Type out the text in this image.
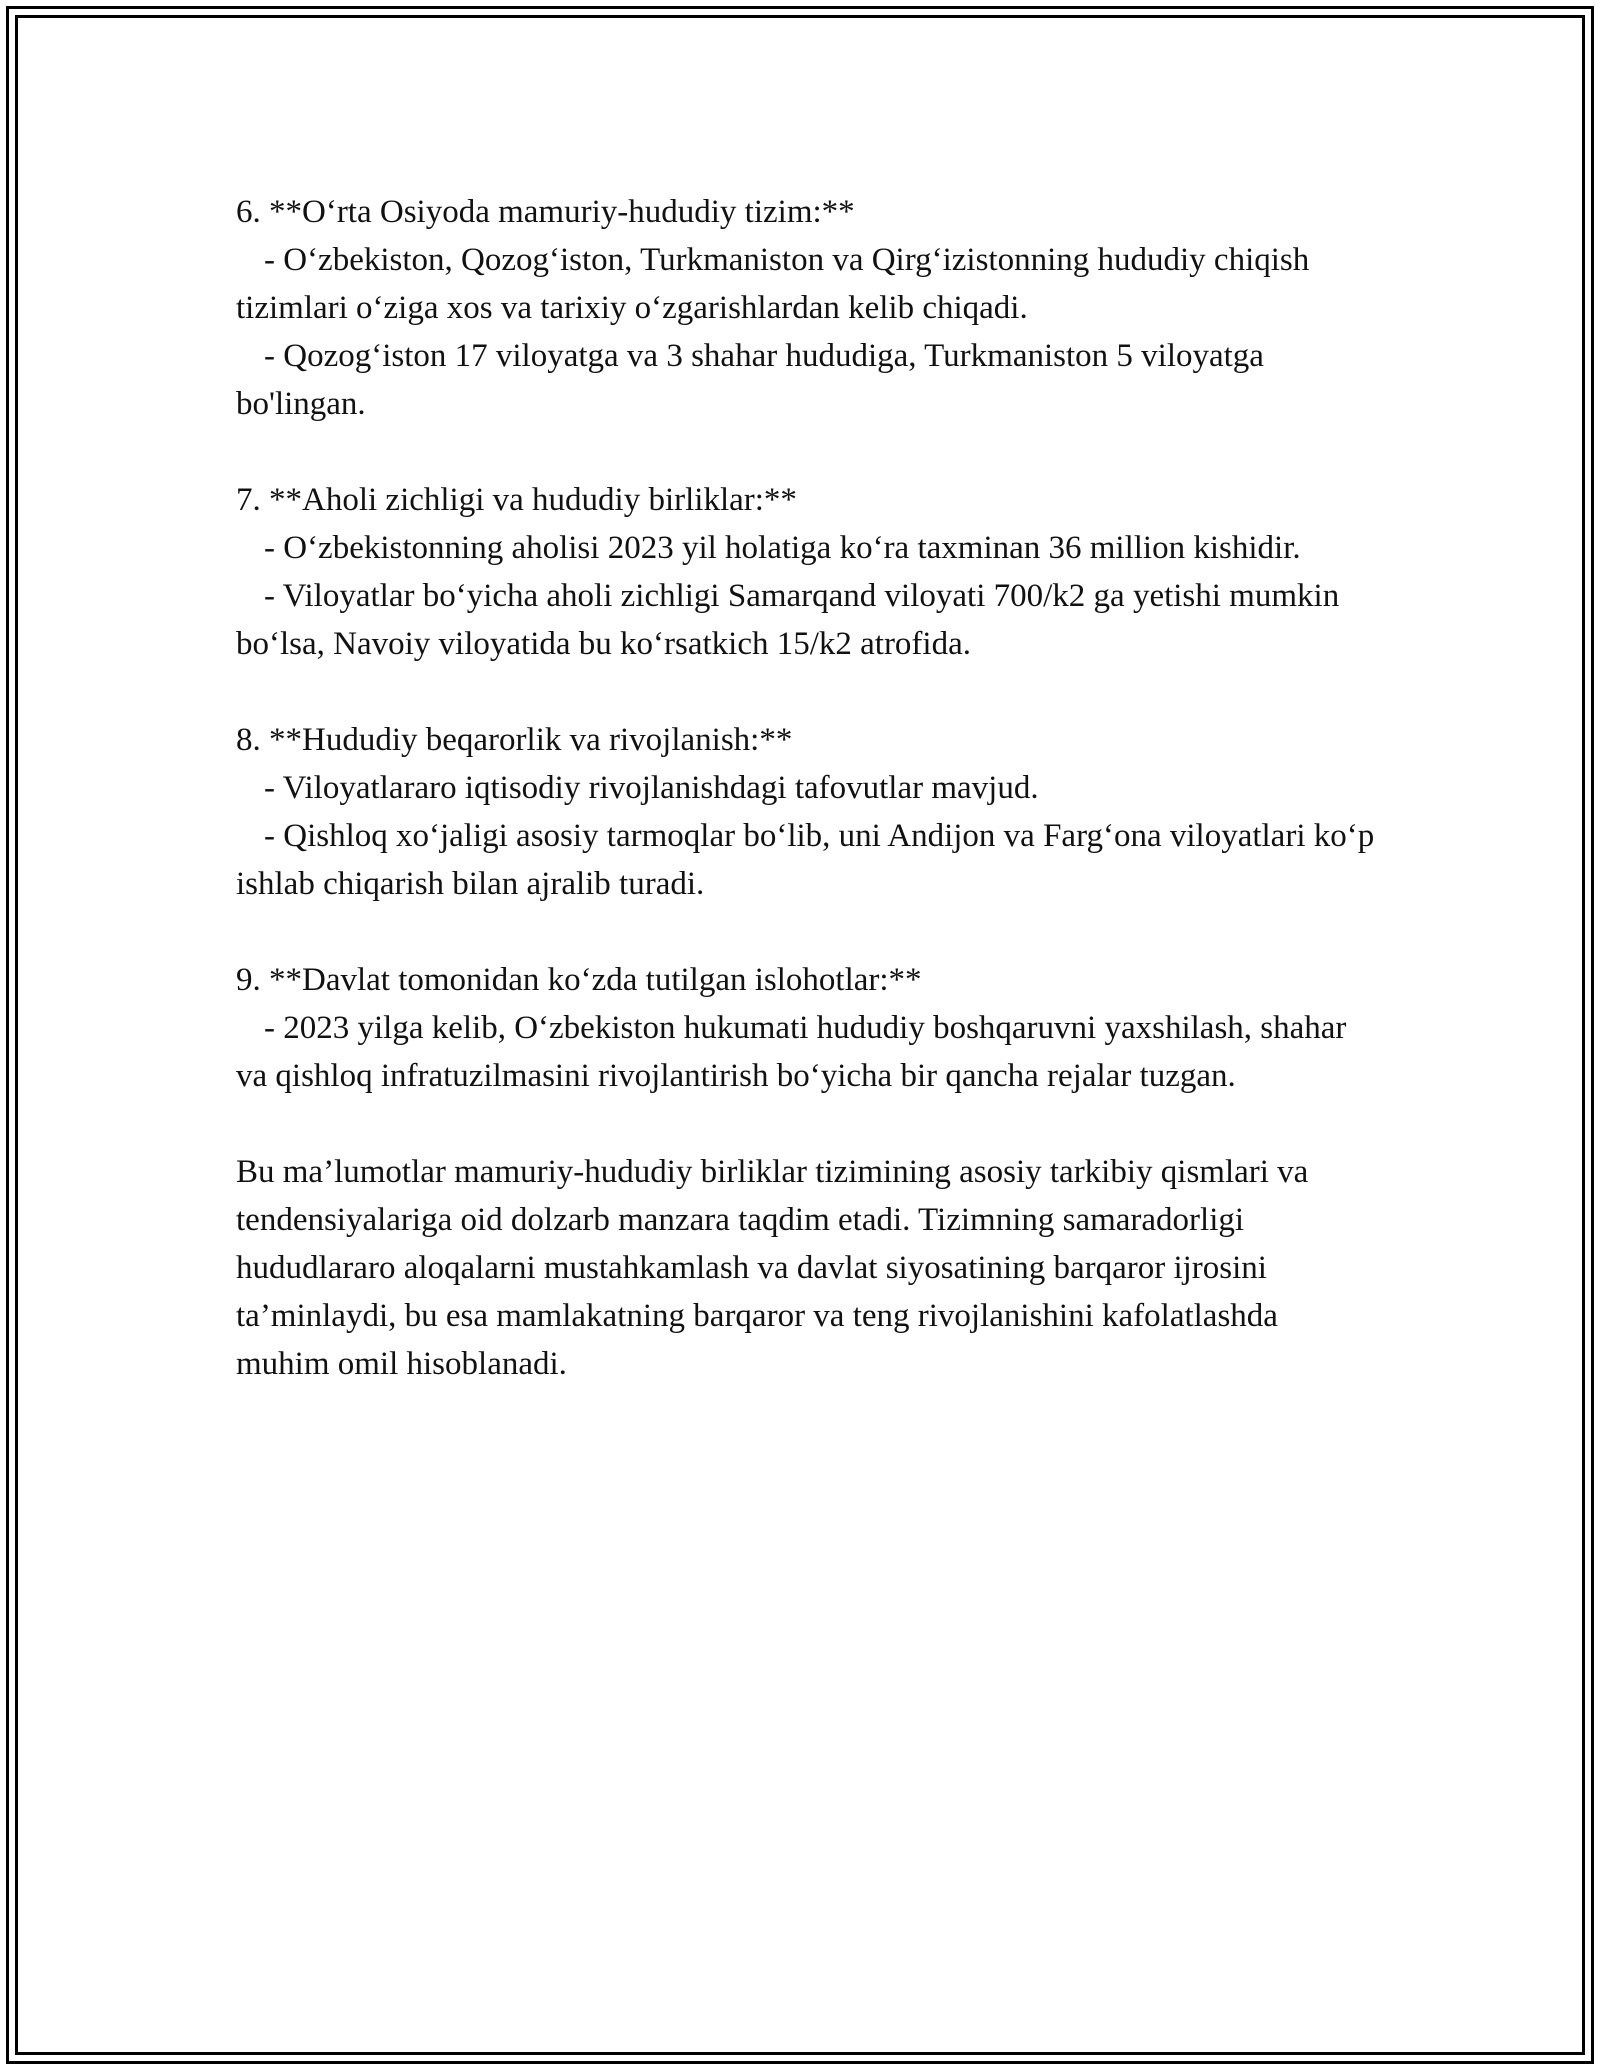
6. **O‘rta Osiyoda mamuriy-hududiy tizim:**

- O‘zbekiston, Qozog‘iston, Turkmaniston va Qirg‘izistonning hududiy chiqish tizimlari o‘ziga xos va tarixiy o‘zgarishlardan kelib chiqadi.

- Qozog‘iston 17 viloyatga va 3 shahar hududiga, Turkmaniston 5 viloyatga bo'lingan.

7. **Aholi zichligi va hududiy birliklar:**

- O‘zbekistonning aholisi 2023 yil holatiga ko‘ra taxminan 36 million kishidir.

- Viloyatlar bo‘yicha aholi zichligi Samarqand viloyati 700/k2 ga yetishi mumkin bo‘lsa, Navoiy viloyatida bu ko‘rsatkich 15/k2 atrofida.

8. **Hududiy beqarorlik va rivojlanish:**

- Viloyatlararo iqtisodiy rivojlanishdagi tafovutlar mavjud.

- Qishloq xo‘jaligi asosiy tarmoqlar bo‘lib, uni Andijon va Farg‘ona viloyatlari ko‘p ishlab chiqarish bilan ajralib turadi.

9. **Davlat tomonidan ko‘zda tutilgan islohotlar:**

- 2023 yilga kelib, O‘zbekiston hukumati hududiy boshqaruvni yaxshilash, shahar va qishloq infratuzilmasini rivojlantirish bo‘yicha bir qancha rejalar tuzgan.

Bu ma’lumotlar mamuriy-hududiy birliklar tizimining asosiy tarkibiy qismlari va tendensiyalariga oid dolzarb manzara taqdim etadi. Tizimning samaradorligi hududlararo aloqalarni mustahkamlash va davlat siyosatining barqaror ijrosini ta’minlaydi, bu esa mamlakatning barqaror va teng rivojlanishini kafolatlashda muhim omil hisoblanadi.
